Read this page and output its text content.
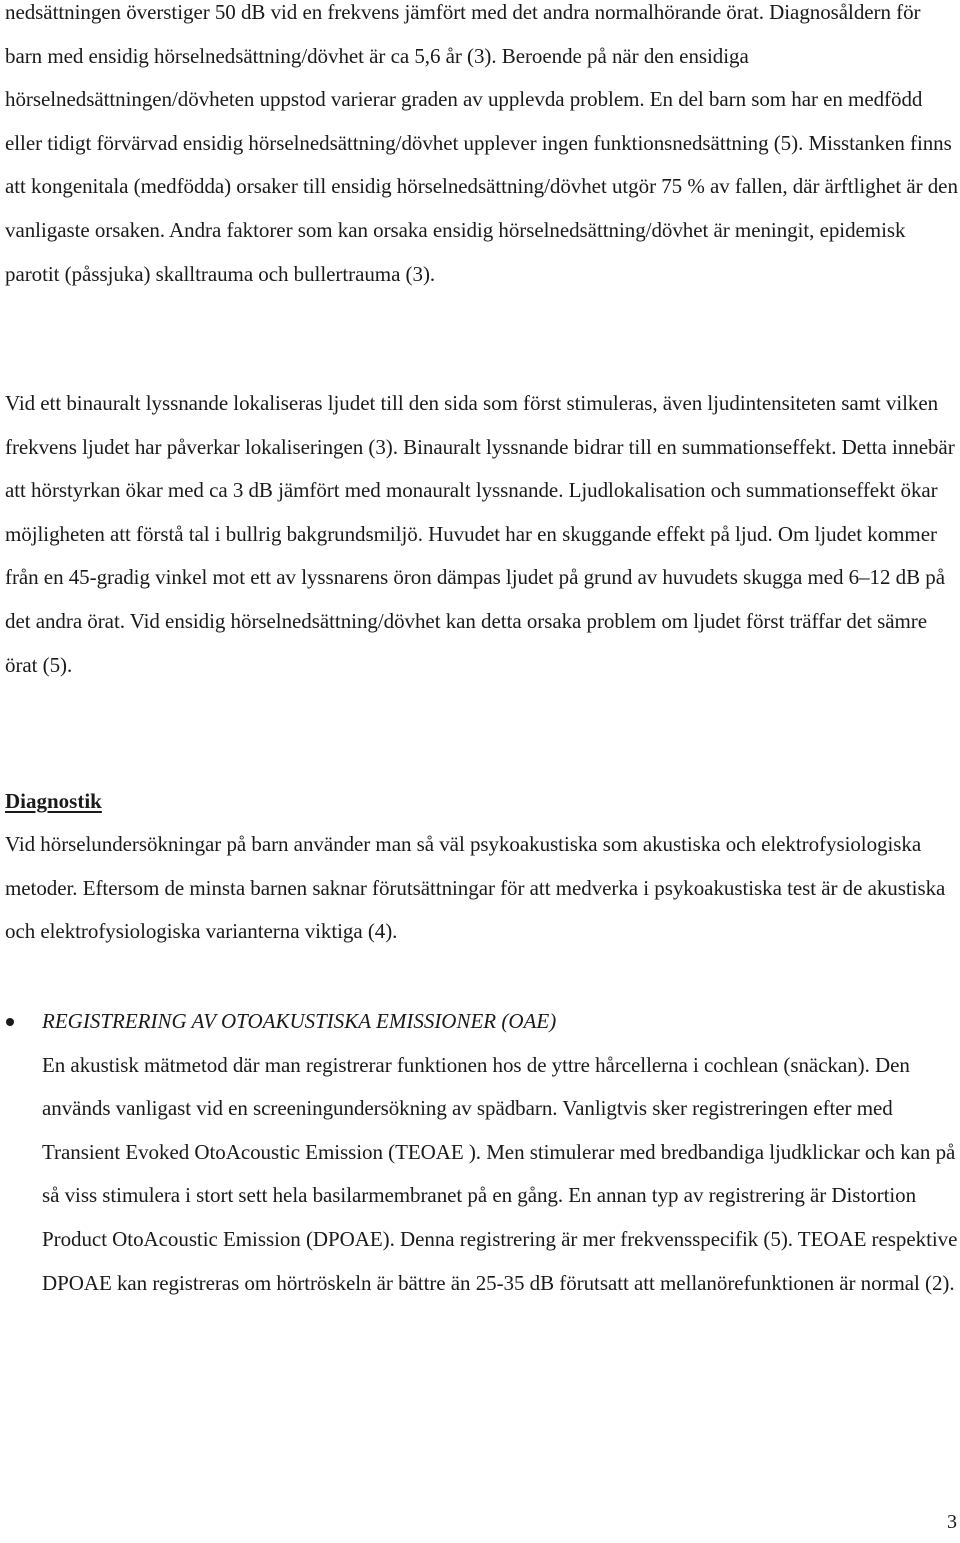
nedsättningen överstiger 50 dB vid en frekvens jämfört med det andra normalhörande örat. Diagnosåldern för barn med ensidig hörselnedsättning/dövhet är ca 5,6 år (3). Beroende på när den ensidiga hörselnedsättningen/dövheten uppstod varierar graden av upplevda problem. En del barn som har en medfödd eller tidigt förvärvad ensidig hörselnedsättning/dövhet upplever ingen funktionsnedsättning (5). Misstanken finns att kongenitala (medfödda) orsaker till ensidig hörselnedsättning/dövhet utgör 75 % av fallen, där ärftlighet är den vanligaste orsaken. Andra faktorer som kan orsaka ensidig hörselnedsättning/dövhet är meningit, epidemisk parotit (påssjuka) skalltrauma och bullertrauma (3).

Vid ett binauralt lyssnande lokaliseras ljudet till den sida som först stimuleras, även ljudintensiteten samt vilken frekvens ljudet har påverkar lokaliseringen (3). Binauralt lyssnande bidrar till en summationseffekt. Detta innebär att hörstyrkan ökar med ca 3 dB jämfört med monauralt lyssnande. Ljudlokalisation och summationseffekt ökar möjligheten att förstå tal i bullrig bakgrundsmiljö. Huvudet har en skuggande effekt på ljud. Om ljudet kommer från en 45-gradig vinkel mot ett av lyssnarens öron dämpas ljudet på grund av huvudets skugga med 6–12 dB på det andra örat. Vid ensidig hörselnedsättning/dövhet kan detta orsaka problem om ljudet först träffar det sämre örat (5).

Diagnostik

Vid hörselundersökningar på barn använder man så väl psykoakustiska som akustiska och elektrofysiologiska metoder. Eftersom de minsta barnen saknar förutsättningar för att medverka i psykoakustiska test är de akustiska och elektrofysiologiska varianterna viktiga (4).

REGISTRERING AV OTOAKUSTISKA EMISSIONER (OAE)

En akustisk mätmetod där man registrerar funktionen hos de yttre hårcellerna i cochlean (snäckan). Den används vanligast vid en screeningundersökning av spädbarn. Vanligtvis sker registreringen efter med Transient Evoked OtoAcoustic Emission (TEOAE ). Men stimulerar med bredbandiga ljudklickar och kan på så viss stimulera i stort sett hela basilarmembranet på en gång. En annan typ av registrering är Distortion Product OtoAcoustic Emission (DPOAE). Denna registrering är mer frekvensspecifik (5). TEOAE respektive DPOAE kan registreras om hörtröskeln är bättre än 25-35 dB förutsatt att mellanörefunktionen är normal (2).

3
